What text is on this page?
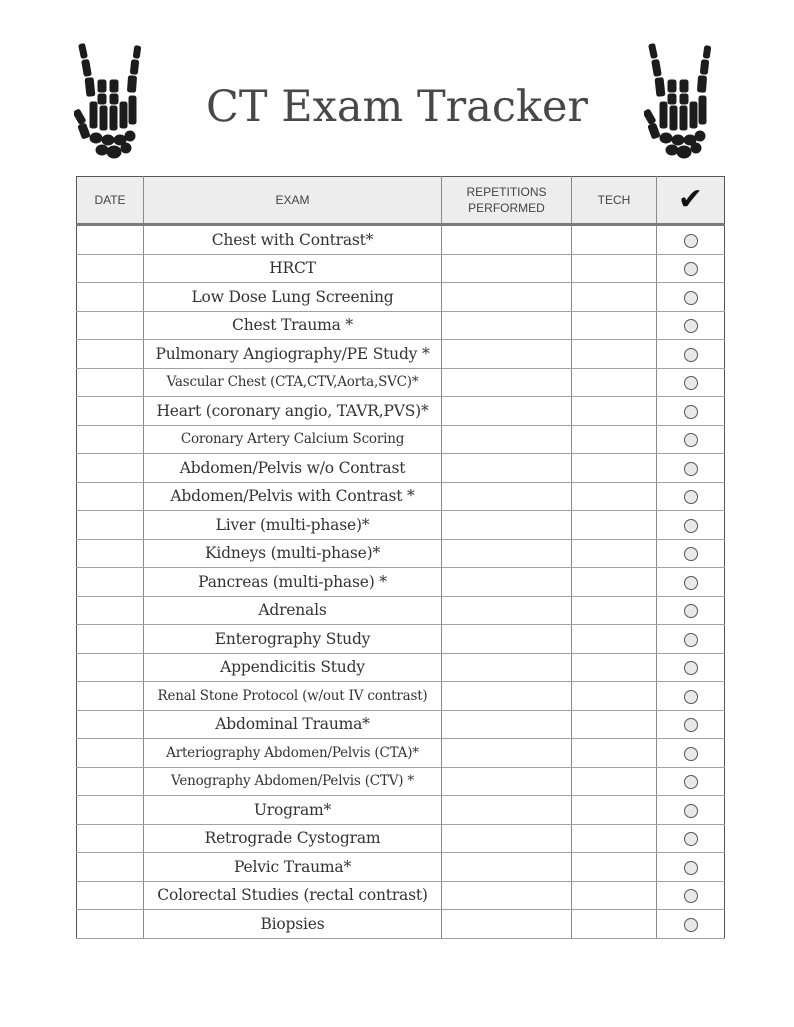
CT Exam Tracker
DATE	EXAM	REPETITIONS PERFORMED	TECH	✔
	Chest with Contrast*			
	HRCT			
	Low Dose Lung Screening			
	Chest Trauma *			
	Pulmonary Angiography/PE Study *			
	Vascular Chest (CTA,CTV,Aorta,SVC)*			
	Heart (coronary angio, TAVR,PVS)*			
	Coronary Artery Calcium Scoring			
	Abdomen/Pelvis w/o Contrast			
	Abdomen/Pelvis with Contrast *			
	Liver (multi-phase)*			
	Kidneys (multi-phase)*			
	Pancreas (multi-phase) *			
	Adrenals			
	Enterography Study			
	Appendicitis Study			
	Renal Stone Protocol (w/out IV contrast)			
	Abdominal Trauma*			
	Arteriography Abdomen/Pelvis (CTA)*			
	Venography Abdomen/Pelvis (CTV) *			
	Urogram*			
	Retrograde Cystogram			
	Pelvic Trauma*			
	Colorectal Studies (rectal contrast)			
	Biopsies			
